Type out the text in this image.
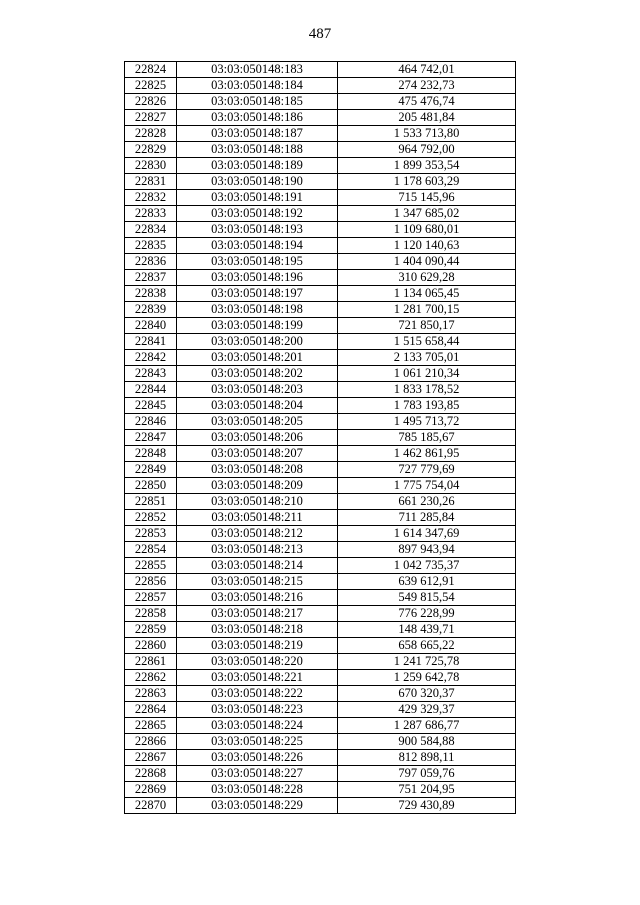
487
22824	03:03:050148:183	464 742,01
22825	03:03:050148:184	274 232,73
22826	03:03:050148:185	475 476,74
22827	03:03:050148:186	205 481,84
22828	03:03:050148:187	1 533 713,80
22829	03:03:050148:188	964 792,00
22830	03:03:050148:189	1 899 353,54
22831	03:03:050148:190	1 178 603,29
22832	03:03:050148:191	715 145,96
22833	03:03:050148:192	1 347 685,02
22834	03:03:050148:193	1 109 680,01
22835	03:03:050148:194	1 120 140,63
22836	03:03:050148:195	1 404 090,44
22837	03:03:050148:196	310 629,28
22838	03:03:050148:197	1 134 065,45
22839	03:03:050148:198	1 281 700,15
22840	03:03:050148:199	721 850,17
22841	03:03:050148:200	1 515 658,44
22842	03:03:050148:201	2 133 705,01
22843	03:03:050148:202	1 061 210,34
22844	03:03:050148:203	1 833 178,52
22845	03:03:050148:204	1 783 193,85
22846	03:03:050148:205	1 495 713,72
22847	03:03:050148:206	785 185,67
22848	03:03:050148:207	1 462 861,95
22849	03:03:050148:208	727 779,69
22850	03:03:050148:209	1 775 754,04
22851	03:03:050148:210	661 230,26
22852	03:03:050148:211	711 285,84
22853	03:03:050148:212	1 614 347,69
22854	03:03:050148:213	897 943,94
22855	03:03:050148:214	1 042 735,37
22856	03:03:050148:215	639 612,91
22857	03:03:050148:216	549 815,54
22858	03:03:050148:217	776 228,99
22859	03:03:050148:218	148 439,71
22860	03:03:050148:219	658 665,22
22861	03:03:050148:220	1 241 725,78
22862	03:03:050148:221	1 259 642,78
22863	03:03:050148:222	670 320,37
22864	03:03:050148:223	429 329,37
22865	03:03:050148:224	1 287 686,77
22866	03:03:050148:225	900 584,88
22867	03:03:050148:226	812 898,11
22868	03:03:050148:227	797 059,76
22869	03:03:050148:228	751 204,95
22870	03:03:050148:229	729 430,89
